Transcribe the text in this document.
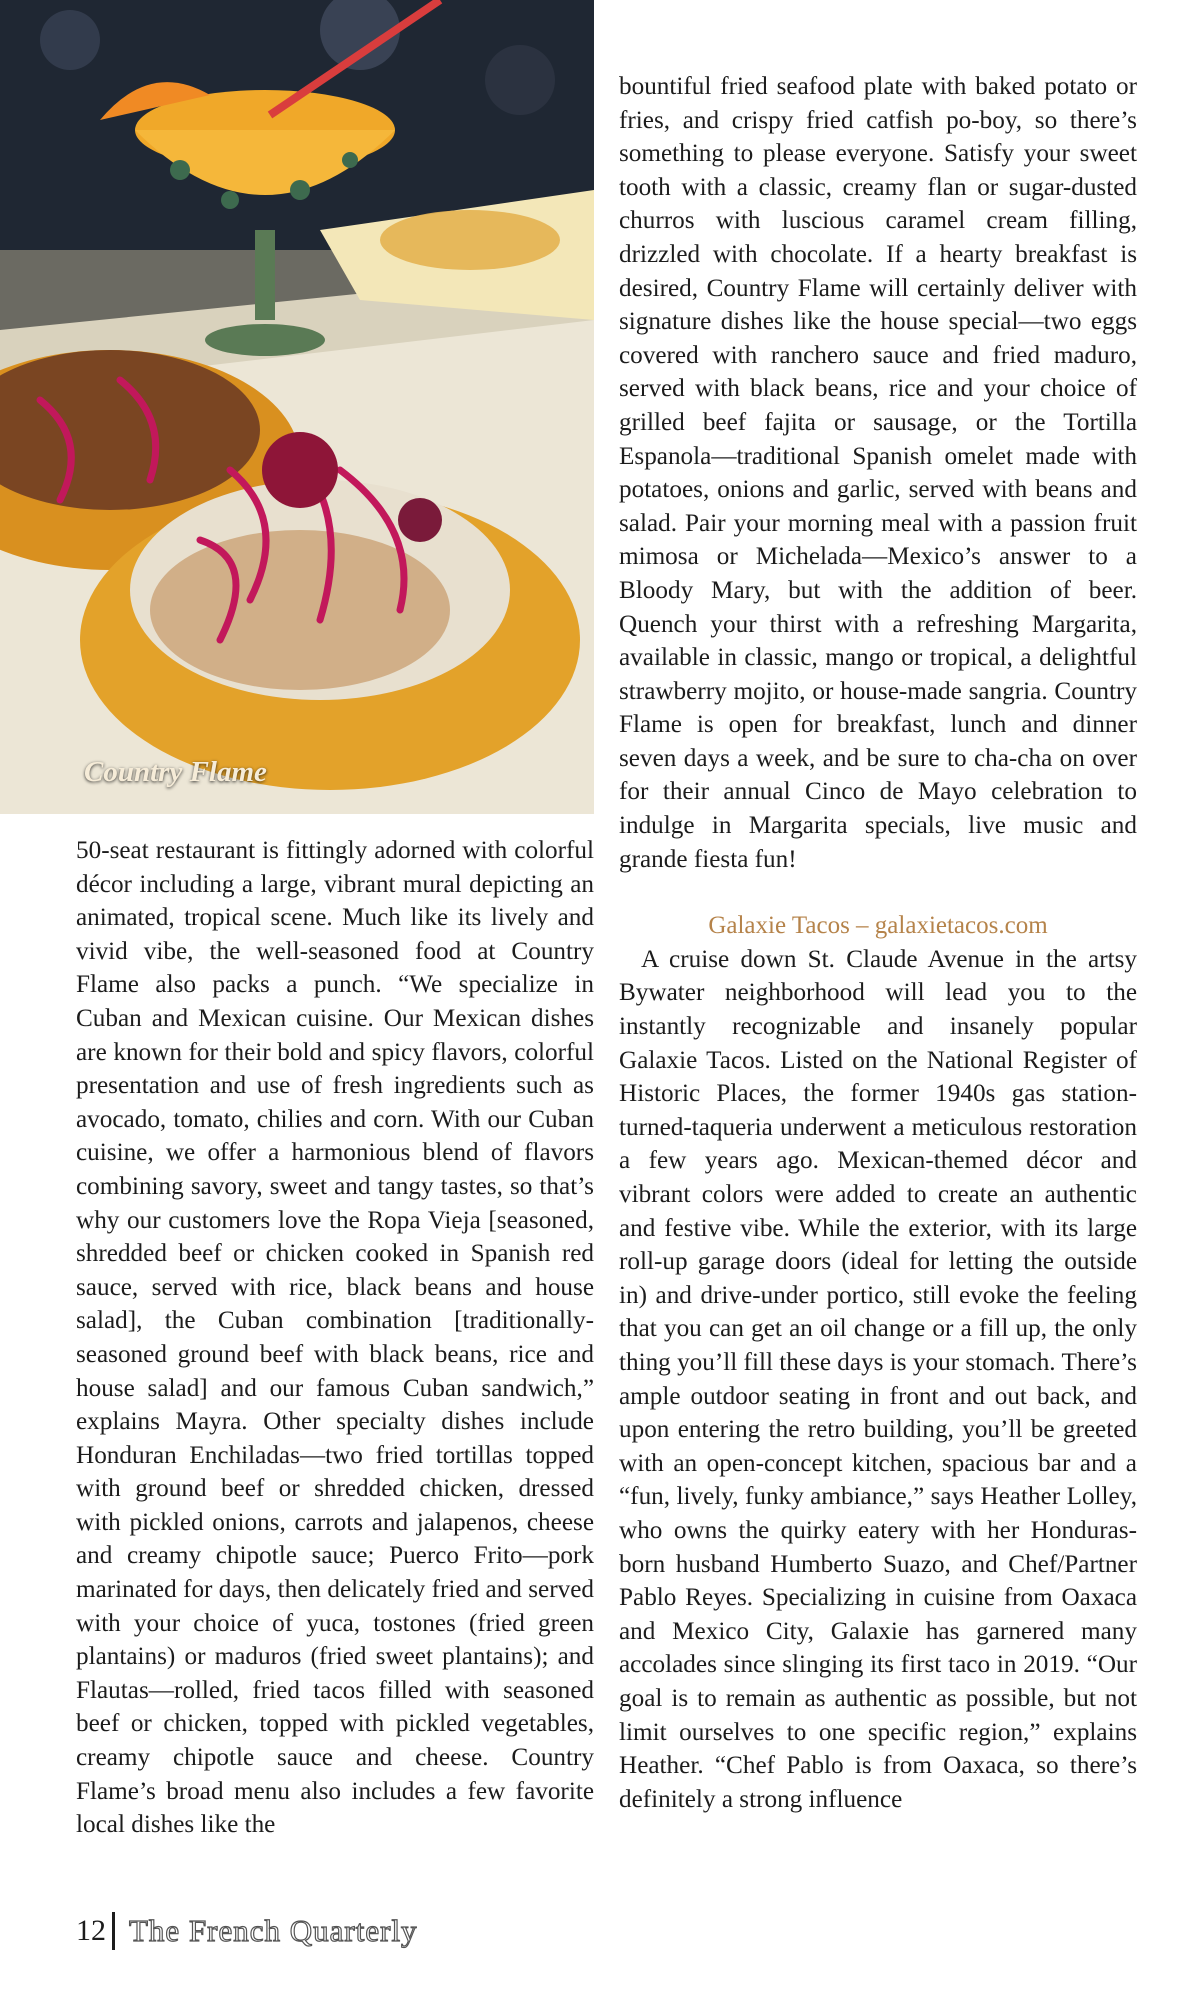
Country Flame

50-seat restaurant is fittingly adorned with colorful décor including a large, vibrant mural depicting an animated, tropical scene. Much like its lively and vivid vibe, the well-seasoned food at Country Flame also packs a punch. “We specialize in Cuban and Mexican cuisine. Our Mexican dishes are known for their bold and spicy flavors, colorful presentation and use of fresh ingredients such as avocado, tomato, chilies and corn. With our Cuban cuisine, we offer a harmonious blend of flavors combining savory, sweet and tangy tastes, so that’s why our customers love the Ropa Vieja [seasoned, shredded beef or chicken cooked in Spanish red sauce, served with rice, black beans and house salad], the Cuban combination [traditionally-seasoned ground beef with black beans, rice and house salad] and our famous Cuban sandwich,” explains Mayra. Other specialty dishes include Honduran Enchiladas—two fried tortillas topped with ground beef or shredded chicken, dressed with pickled onions, carrots and jalapenos, cheese and creamy chipotle sauce; Puerco Frito—pork marinated for days, then delicately fried and served with your choice of yuca, tostones (fried green plantains) or maduros (fried sweet plantains); and Flautas—rolled, fried tacos filled with seasoned beef or chicken, topped with pickled vegetables, creamy chipotle sauce and cheese. Country Flame’s broad menu also includes a few favorite local dishes like the

bountiful fried seafood plate with baked potato or fries, and crispy fried catfish po-boy, so there’s something to please everyone. Satisfy your sweet tooth with a classic, creamy flan or sugar-dusted churros with luscious caramel cream filling, drizzled with chocolate. If a hearty breakfast is desired, Country Flame will certainly deliver with signature dishes like the house special—two eggs covered with ranchero sauce and fried maduro, served with black beans, rice and your choice of grilled beef fajita or sausage, or the Tortilla Espanola—traditional Spanish omelet made with potatoes, onions and garlic, served with beans and salad. Pair your morning meal with a passion fruit mimosa or Michelada—Mexico’s answer to a Bloody Mary, but with the addition of beer. Quench your thirst with a refreshing Margarita, available in classic, mango or tropical, a delightful strawberry mojito, or house-made sangria. Country Flame is open for breakfast, lunch and dinner seven days a week, and be sure to cha-cha on over for their annual Cinco de Mayo celebration to indulge in Margarita specials, live music and grande fiesta fun!

Galaxie Tacos – galaxietacos.com

A cruise down St. Claude Avenue in the artsy Bywater neighborhood will lead you to the instantly recognizable and insanely popular Galaxie Tacos. Listed on the National Register of Historic Places, the former 1940s gas station-turned-taqueria underwent a meticulous restoration a few years ago. Mexican-themed décor and vibrant colors were added to create an authentic and festive vibe. While the exterior, with its large roll-up garage doors (ideal for letting the outside in) and drive-under portico, still evoke the feeling that you can get an oil change or a fill up, the only thing you’ll fill these days is your stomach. There’s ample outdoor seating in front and out back, and upon entering the retro building, you’ll be greeted with an open-concept kitchen, spacious bar and a “fun, lively, funky ambiance,” says Heather Lolley, who owns the quirky eatery with her Honduras-born husband Humberto Suazo, and Chef/Partner Pablo Reyes. Specializing in cuisine from Oaxaca and Mexico City, Galaxie has garnered many accolades since slinging its first taco in 2019. “Our goal is to remain as authentic as possible, but not limit ourselves to one specific region,” explains Heather. “Chef Pablo is from Oaxaca, so there’s definitely a strong influence

12 The French Quarterly
